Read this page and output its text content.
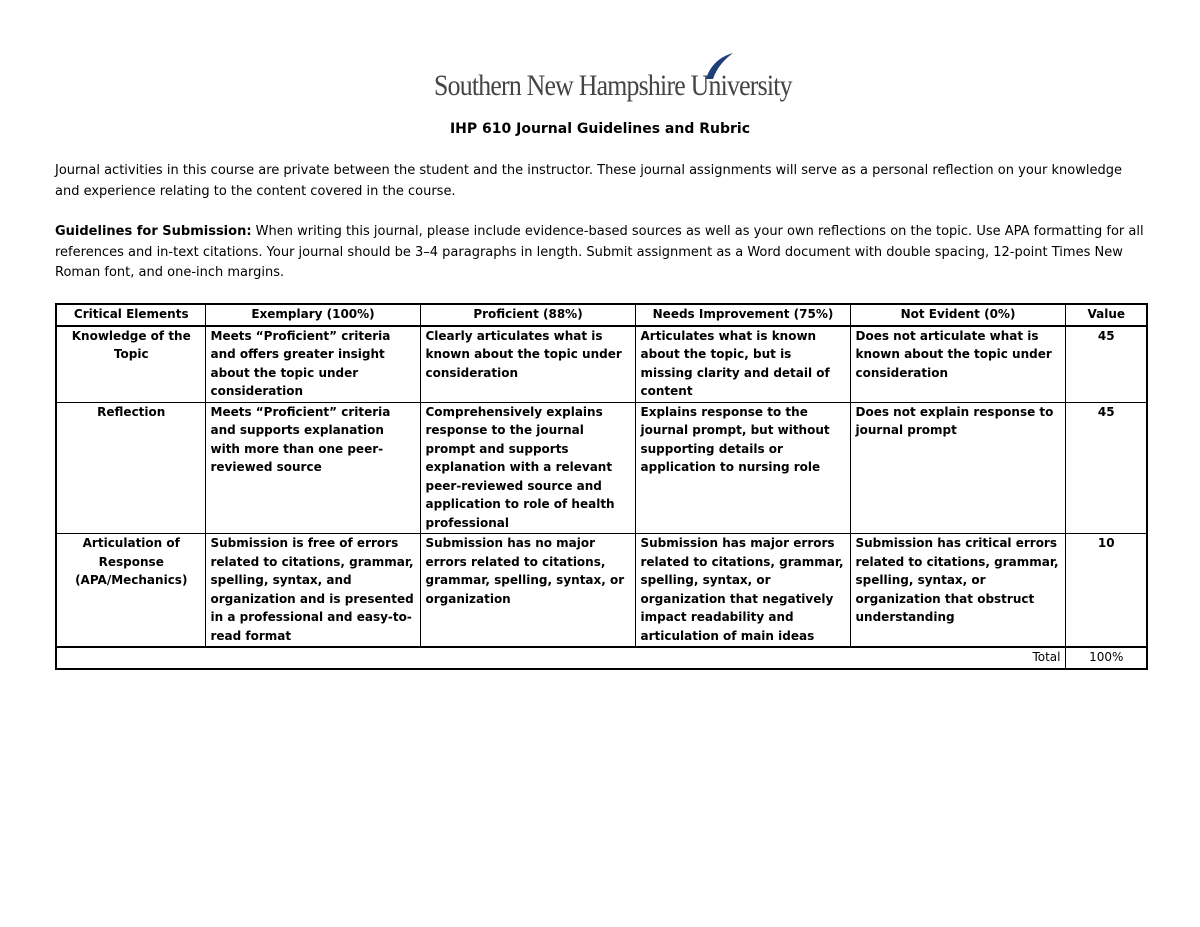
Southern New Hampshire University
IHP 610 Journal Guidelines and Rubric

Journal activities in this course are private between the student and the instructor. These journal assignments will serve as a personal reflection on your knowledge and experience relating to the content covered in the course.

Guidelines for Submission: When writing this journal, please include evidence-based sources as well as your own reflections on the topic. Use APA formatting for all references and in-text citations. Your journal should be 3–4 paragraphs in length. Submit assignment as a Word document with double spacing, 12-point Times New Roman font, and one-inch margins.

Critical Elements	Exemplary (100%)	Proficient (88%)	Needs Improvement (75%)	Not Evident (0%)	Value
Knowledge of the Topic	Meets “Proficient” criteria and offers greater insight about the topic under consideration	Clearly articulates what is known about the topic under consideration	Articulates what is known about the topic, but is missing clarity and detail of content	Does not articulate what is known about the topic under consideration	45
Reflection	Meets “Proficient” criteria and supports explanation with more than one peer-reviewed source	Comprehensively explains response to the journal prompt and supports explanation with a relevant peer-reviewed source and application to role of health professional	Explains response to the journal prompt, but without supporting details or application to nursing role	Does not explain response to journal prompt	45
Articulation of Response (APA/Mechanics)	Submission is free of errors related to citations, grammar, spelling, syntax, and organization and is presented in a professional and easy-to-read format	Submission has no major errors related to citations, grammar, spelling, syntax, or organization	Submission has major errors related to citations, grammar, spelling, syntax, or organization that negatively impact readability and articulation of main ideas	Submission has critical errors related to citations, grammar, spelling, syntax, or organization that obstruct understanding	10
Total					100%
